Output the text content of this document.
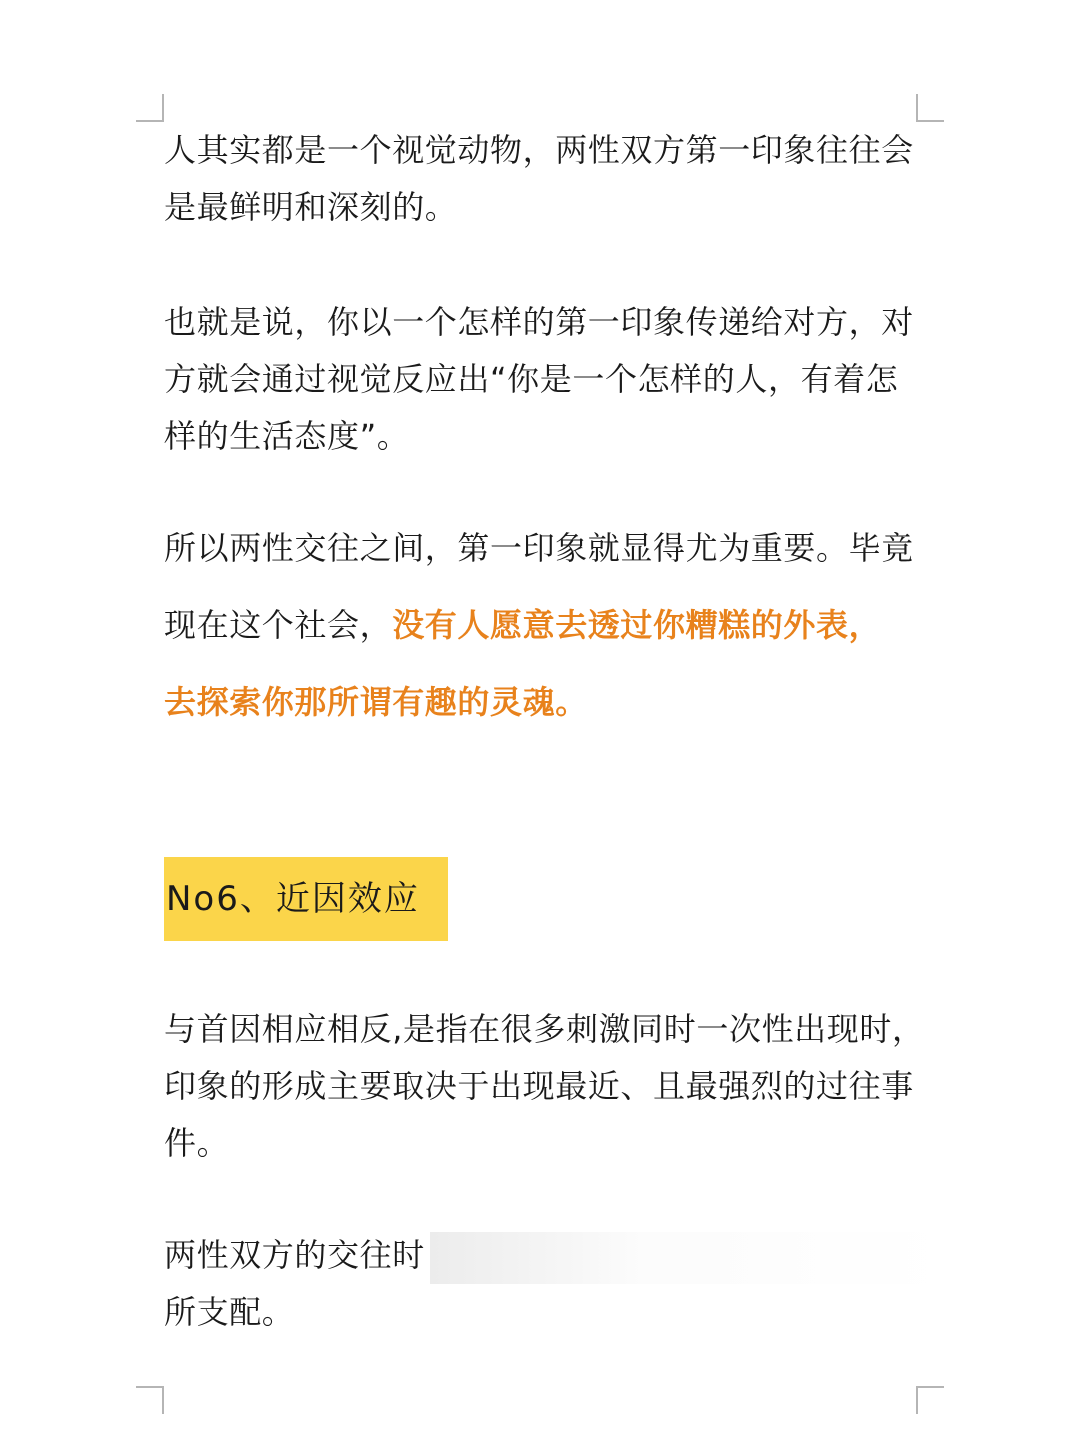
人其实都是一个视觉动物，两性双方第一印象往往会
是最鲜明和深刻的。
也就是说，你以一个怎样的第一印象传递给对方，对
方就会通过视觉反应出“你是一个怎样的人，有着怎
样的生活态度”。
所以两性交往之间，第一印象就显得尤为重要。毕竟
现在这个社会，没有人愿意去透过你糟糕的外表，
去探索你那所谓有趣的灵魂。
No6、近因效应
与首因相应相反,是指在很多刺激同时一次性出现时，
印象的形成主要取决于出现最近、且最强烈的过往事
件。
两性双方的交往时
所支配。
